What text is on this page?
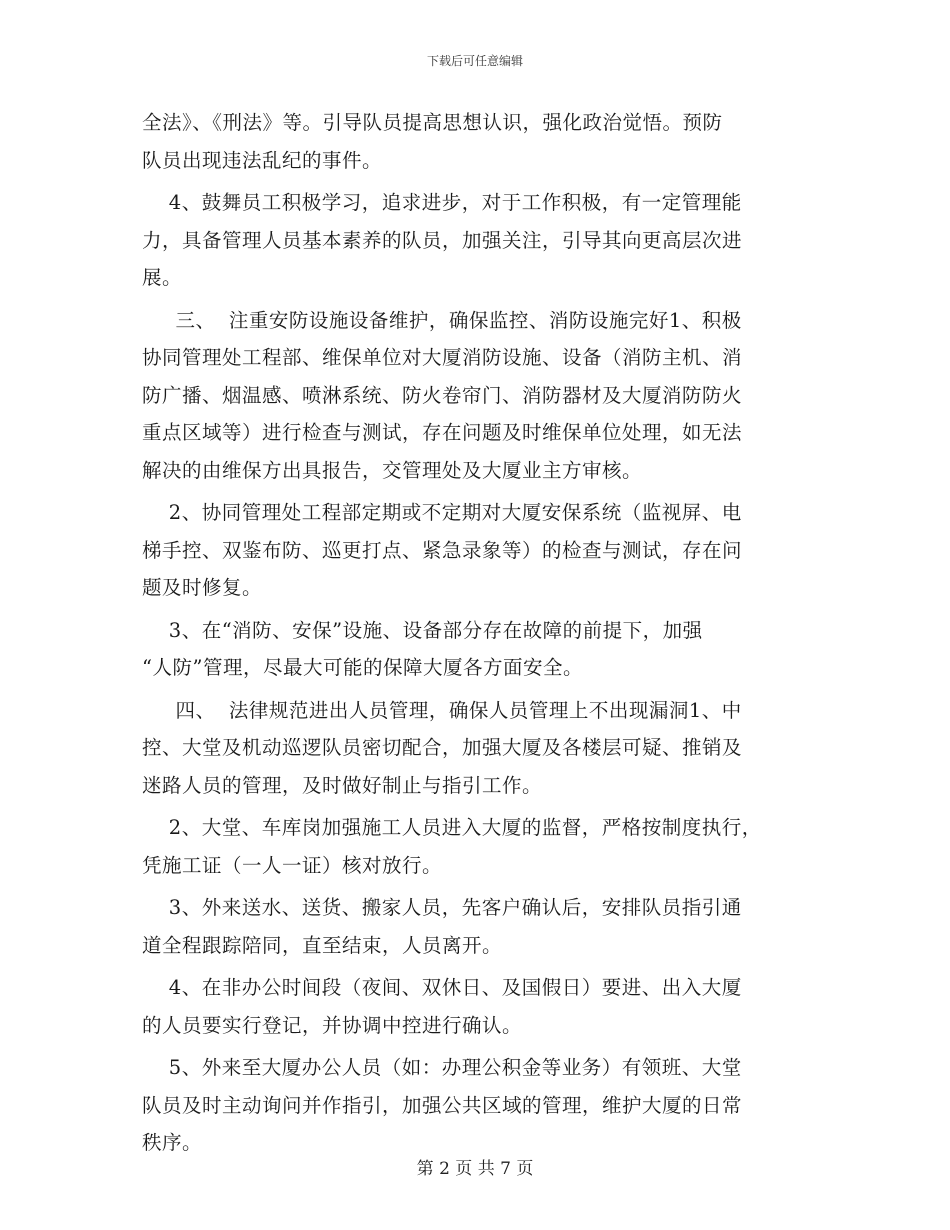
下载后可任意编辑

全法》、《刑法》等。引导队员提高思想认识，强化政治觉悟。预防
队员出现违法乱纪的事件。

4、鼓舞员工积极学习，追求进步，对于工作积极，有一定管理能
力，具备管理人员基本素养的队员，加强关注，引导其向更高层次进
展。

三、  注重安防设施设备维护，确保监控、消防设施完好1、积极
协同管理处工程部、维保单位对大厦消防设施、设备（消防主机、消
防广播、烟温感、喷淋系统、防火卷帘门、消防器材及大厦消防防火
重点区域等）进行检查与测试，存在问题及时维保单位处理，如无法
解决的由维保方出具报告，交管理处及大厦业主方审核。

2、协同管理处工程部定期或不定期对大厦安保系统（监视屏、电
梯手控、双鉴布防、巡更打点、紧急录象等）的检查与测试，存在问
题及时修复。

3、在“消防、安保”设施、设备部分存在故障的前提下，加强
“人防”管理，尽最大可能的保障大厦各方面安全。

四、  法律规范进出人员管理，确保人员管理上不出现漏洞1、中
控、大堂及机动巡逻队员密切配合，加强大厦及各楼层可疑、推销及
迷路人员的管理，及时做好制止与指引工作。

2、大堂、车库岗加强施工人员进入大厦的监督，严格按制度执行，
凭施工证（一人一证）核对放行。

3、外来送水、送货、搬家人员，先客户确认后，安排队员指引通
道全程跟踪陪同，直至结束，人员离开。

4、在非办公时间段（夜间、双休日、及国假日）要进、出入大厦
的人员要实行登记，并协调中控进行确认。

5、外来至大厦办公人员（如：办理公积金等业务）有领班、大堂
队员及时主动询问并作指引，加强公共区域的管理，维护大厦的日常
秩序。

第 2 页 共 7 页
